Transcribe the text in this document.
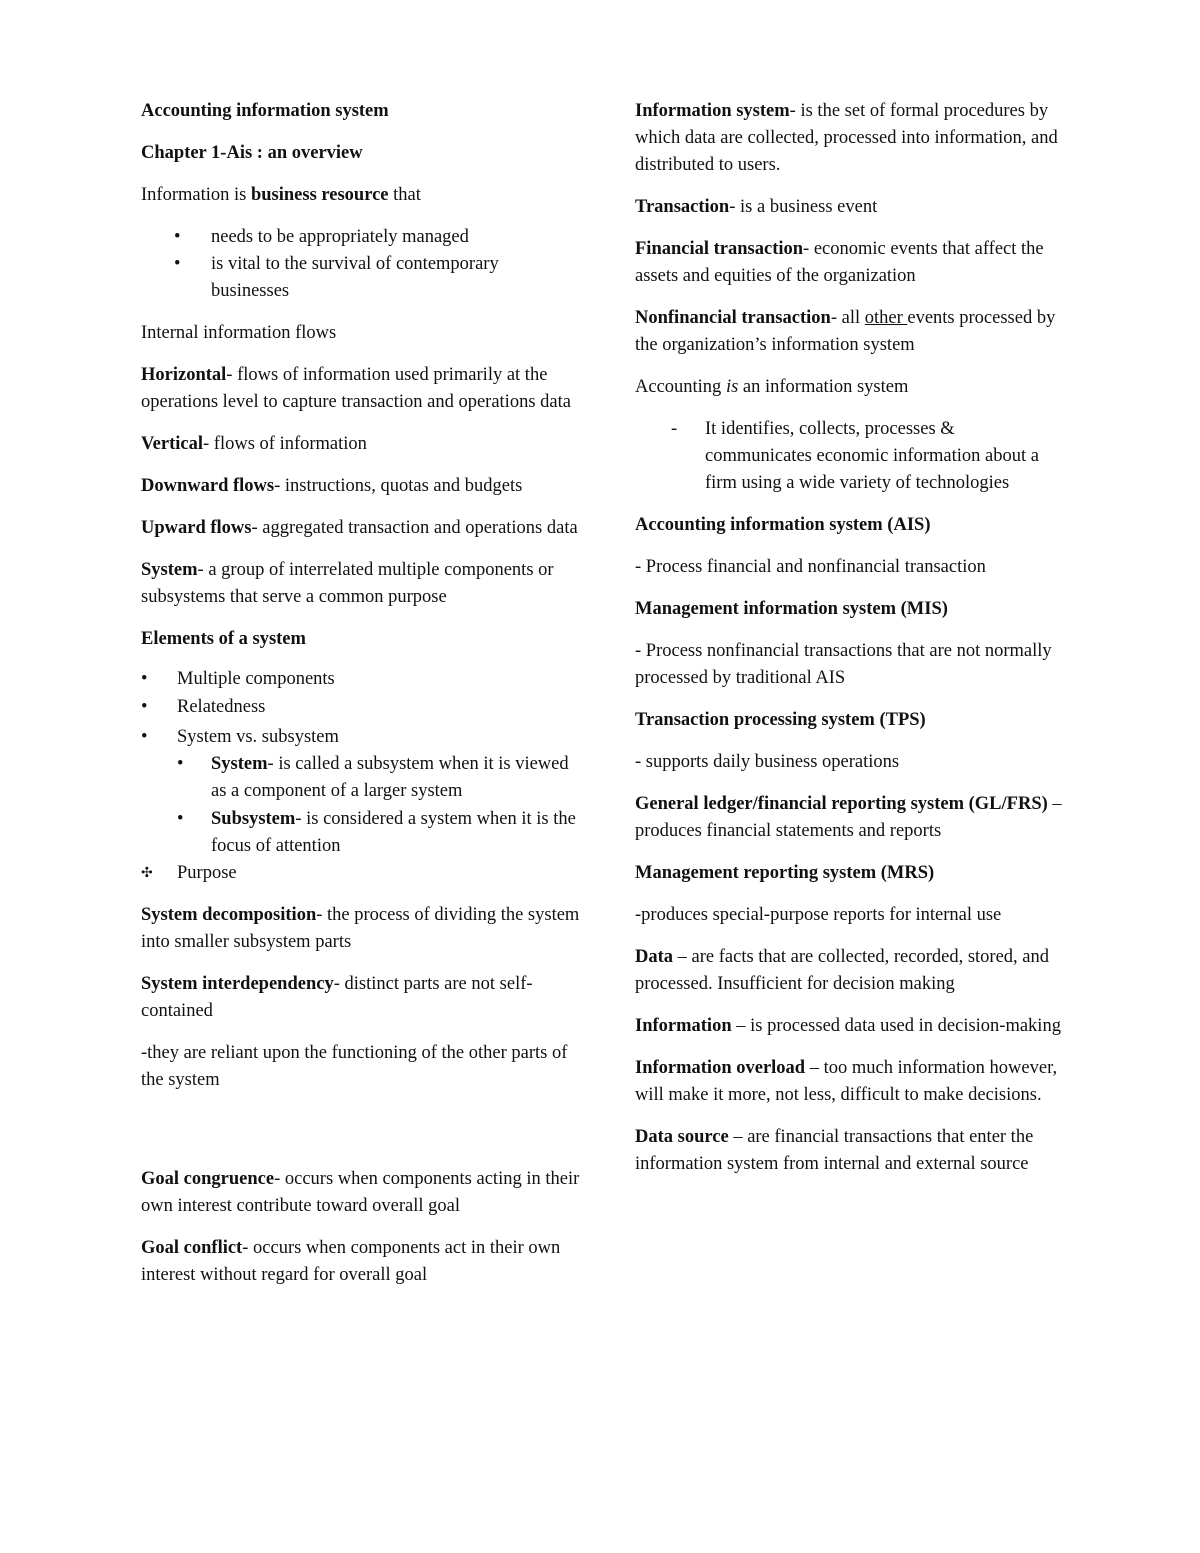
Accounting information system

Chapter 1-Ais : an overview

Information is business resource that

•	needs to be appropriately managed
•	is vital to the survival of contemporary businesses

Internal information flows

Horizontal- flows of information used primarily at the operations level to capture transaction and operations data

Vertical- flows of information

Downward flows- instructions, quotas and budgets

Upward flows- aggregated transaction and operations data

System- a group of interrelated multiple components or subsystems that serve a common purpose

Elements of a system

•	Multiple components
•	Relatedness
•	System vs. subsystem
•	System- is called a subsystem when it is viewed as a component of a larger system
•	Subsystem- is considered a system when it is the focus of attention
✣	Purpose

System decomposition- the process of dividing the system into smaller subsystem parts

System interdependency- distinct parts are not self-contained

-they are reliant upon the functioning of the other parts of the system

Goal congruence- occurs when components acting in their own interest contribute toward overall goal

Goal conflict- occurs when components act in their own interest without regard for overall goal

Information system- is the set of formal procedures by which data are collected, processed into information, and distributed to users.

Transaction- is a business event

Financial transaction- economic events that affect the assets and equities of the organization

Nonfinancial transaction- all other events processed by the organization’s information system

Accounting is an information system

-	It identifies, collects, processes & communicates economic information about a firm using a wide variety of technologies

Accounting information system (AIS)

- Process financial and nonfinancial transaction

Management information system (MIS)

- Process nonfinancial transactions that are not normally processed by traditional AIS

Transaction processing system (TPS)

- supports daily business operations

General ledger/financial reporting system (GL/FRS) – produces financial statements and reports

Management reporting system (MRS)

-produces special-purpose reports for internal use

Data – are facts that are collected, recorded, stored, and processed. Insufficient for decision making

Information – is processed data used in decision-making

Information overload – too much information however, will make it more, not less, difficult to make decisions.

Data source – are financial transactions that enter the information system from internal and external source
